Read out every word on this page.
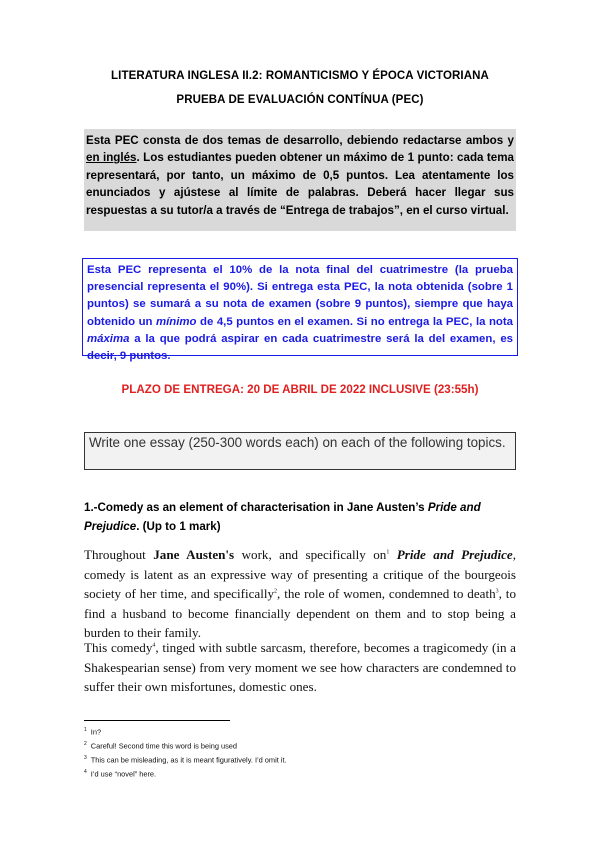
LITERATURA INGLESA II.2: ROMANTICISMO Y ÉPOCA VICTORIANA
PRUEBA DE EVALUACIÓN CONTÍNUA (PEC)
Esta PEC consta de dos temas de desarrollo, debiendo redactarse ambos y en inglés. Los estudiantes pueden obtener un máximo de 1 punto: cada tema representará, por tanto, un máximo de 0,5 puntos. Lea atentamente los enunciados y ajústese al límite de palabras. Deberá hacer llegar sus respuestas a su tutor/a a través de “Entrega de trabajos”, en el curso virtual.
Esta PEC representa el 10% de la nota final del cuatrimestre (la prueba presencial representa el 90%). Si entrega esta PEC, la nota obtenida (sobre 1 puntos) se sumará a su nota de examen (sobre 9 puntos), siempre que haya obtenido un mínimo de 4,5 puntos en el examen. Si no entrega la PEC, la nota máxima a la que podrá aspirar en cada cuatrimestre será la del examen, es decir, 9 puntos.
PLAZO DE ENTREGA: 20 DE ABRIL DE 2022 INCLUSIVE (23:55h)
Write one essay (250-300 words each) on each of the following topics.
1.-Comedy as an element of characterisation in Jane Austen’s Pride and Prejudice. (Up to 1 mark)
Throughout Jane Austen's work, and specifically $on^1$ Pride and Prejudice, comedy is latent as an expressive way of presenting a critique of the bourgeois society of her time, and specifically$^2$, the role of women, condemned to death$^3$, to find a husband to become financially dependent on them and to stop being a burden to their family.
This comedy$^4$, tinged with subtle sarcasm, therefore, becomes a tragicomedy (in a Shakespearian sense) from very moment we see how characters are condemned to suffer their own misfortunes, domestic ones.
$^1$ In?
$^2$ Careful! Second time this word is being used
$^3$ This can be misleading, as it is meant figuratively. I’d omit it.
$^4$ I’d use “novel” here.
